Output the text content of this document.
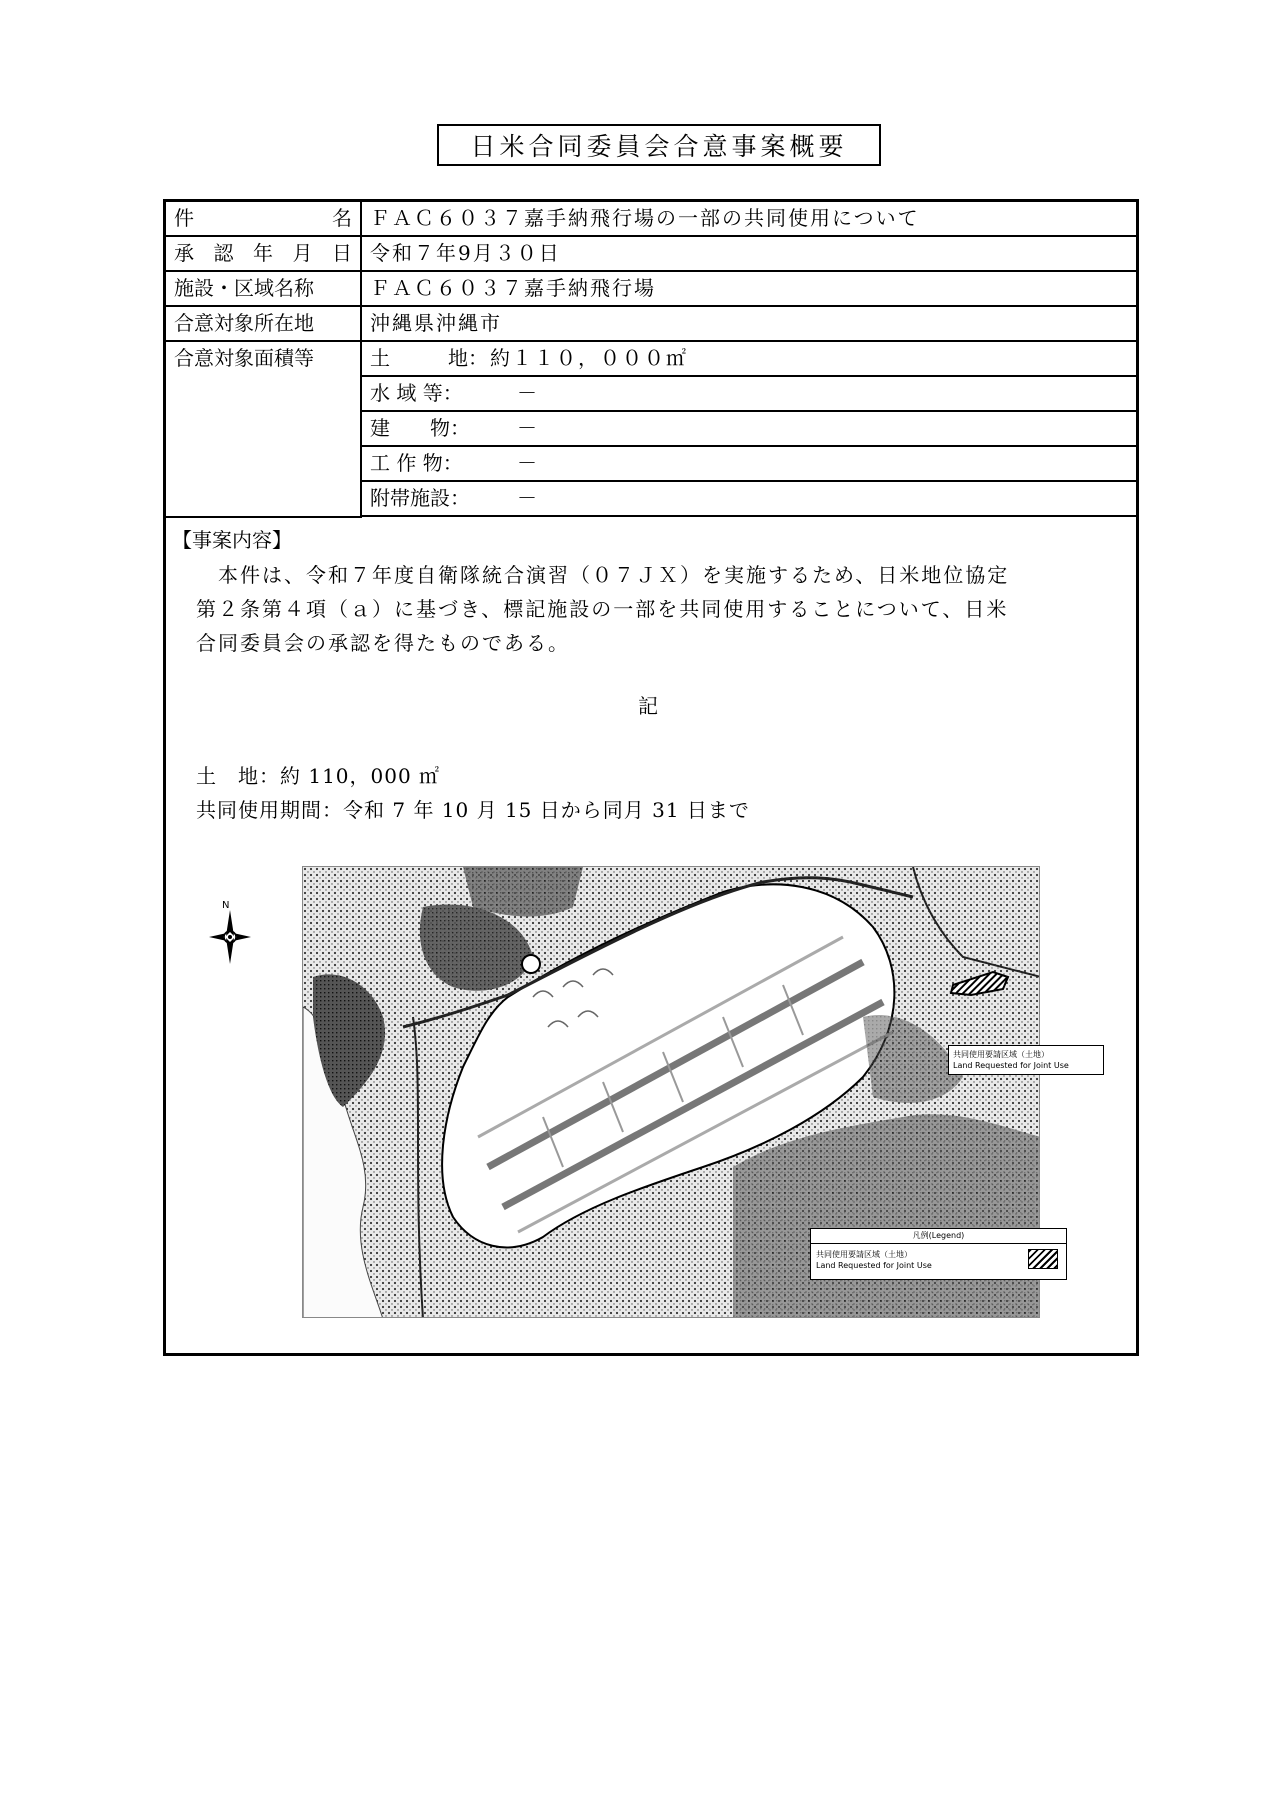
日米合同委員会合意事案概要
件	名 ＦＡＣ６０３７嘉手納飛行場の一部の共同使用について
承 認 年 月 日 令和７年9月３０日
施設・区域名称	ＦＡＣ６０３７嘉手納飛行場
合意対象所在地	沖縄県沖縄市
合意対象面積等	土	地： 約１１０，０００㎡
水 域 等：	－
建　　物： －
工 作 物：	－
附帯施設： －
【事案内容】
本件は、令和７年度自衛隊統合演習（０７ＪＸ）を実施するため、日米地位協定
第２条第４項（ａ）に基づき、標記施設の一部を共同使用することについて、日米
合同委員会の承認を得たものである。
記
土　地：約 110，000 ㎡
共同使用期間：令和 7 年 10 月 15 日から同月 31 日まで
N
共同使用要請区域（土地）
Land Requested for Joint Use
凡例(Legend)
共同使用要請区域（土地）
Land Requested for Joint Use
